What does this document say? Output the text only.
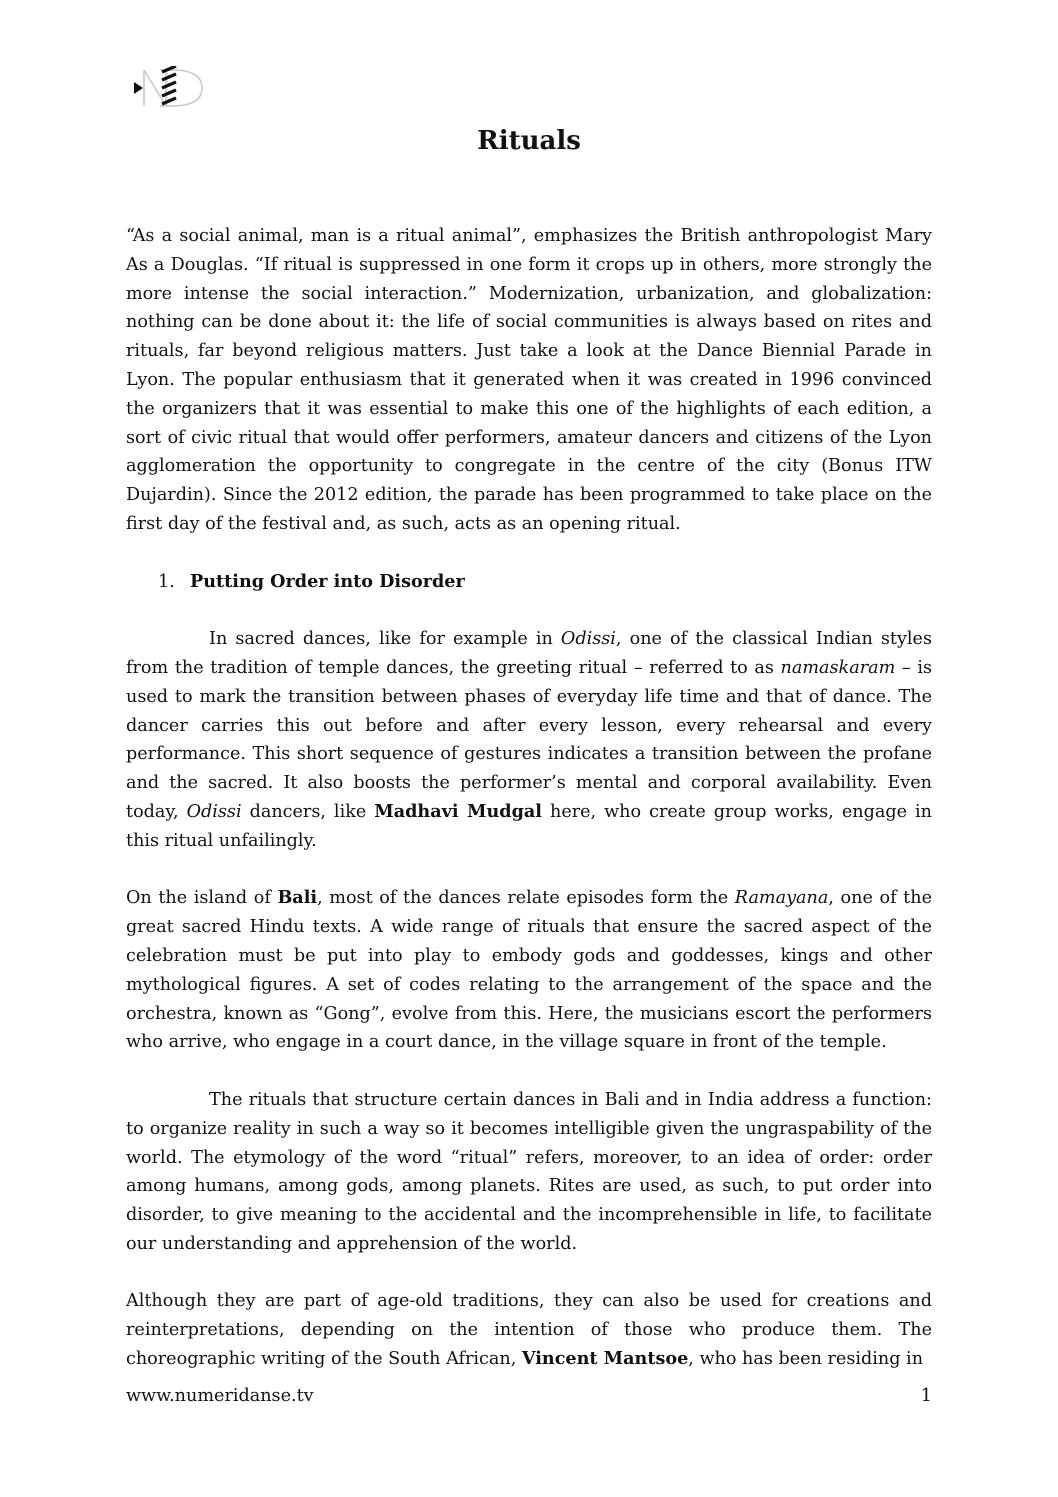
Rituals

“As a social animal, man is a ritual animal”, emphasizes the British anthropologist Mary As a Douglas. “If ritual is suppressed in one form it crops up in others, more strongly the more intense the social interaction.” Modernization, urbanization, and globalization: nothing can be done about it: the life of social communities is always based on rites and rituals, far beyond religious matters. Just take a look at the Dance Biennial Parade in Lyon. The popular enthusiasm that it generated when it was created in 1996 convinced the organizers that it was essential to make this one of the highlights of each edition, a sort of civic ritual that would offer performers, amateur dancers and citizens of the Lyon agglomeration the opportunity to congregate in the centre of the city (Bonus ITW Dujardin). Since the 2012 edition, the parade has been programmed to take place on the first day of the festival and, as such, acts as an opening ritual.

1. Putting Order into Disorder

In sacred dances, like for example in Odissi, one of the classical Indian styles from the tradition of temple dances, the greeting ritual – referred to as namaskaram – is used to mark the transition between phases of everyday life time and that of dance. The dancer carries this out before and after every lesson, every rehearsal and every performance. This short sequence of gestures indicates a transition between the profane and the sacred. It also boosts the performer’s mental and corporal availability. Even today, Odissi dancers, like Madhavi Mudgal here, who create group works, engage in this ritual unfailingly.

On the island of Bali, most of the dances relate episodes form the Ramayana, one of the great sacred Hindu texts. A wide range of rituals that ensure the sacred aspect of the celebration must be put into play to embody gods and goddesses, kings and other mythological figures. A set of codes relating to the arrangement of the space and the orchestra, known as “Gong”, evolve from this. Here, the musicians escort the performers who arrive, who engage in a court dance, in the village square in front of the temple.

The rituals that structure certain dances in Bali and in India address a function: to organize reality in such a way so it becomes intelligible given the ungraspability of the world. The etymology of the word “ritual” refers, moreover, to an idea of order: order among humans, among gods, among planets. Rites are used, as such, to put order into disorder, to give meaning to the accidental and the incomprehensible in life, to facilitate our understanding and apprehension of the world.

Although they are part of age-old traditions, they can also be used for creations and reinterpretations, depending on the intention of those who produce them. The choreographic writing of the South African, Vincent Mantsoe, who has been residing in

www.numeridanse.tv	1
